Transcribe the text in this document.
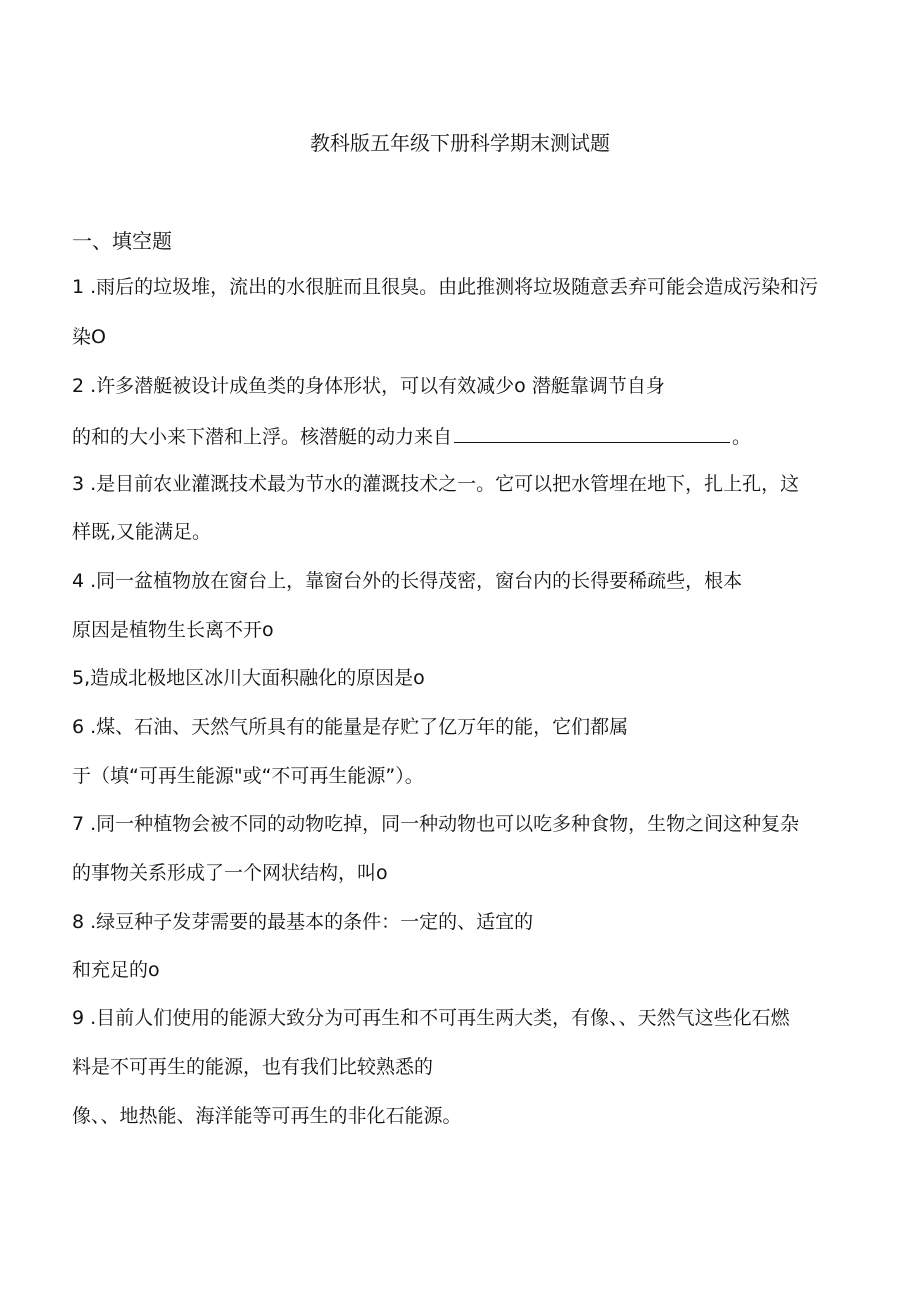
教科版五年级下册科学期末测试题
一、填空题
1 .雨后的垃圾堆，流出的水很脏而且很臭。由此推测将垃圾随意丢弃可能会造成污染和污
染O
2 .许多潜艇被设计成鱼类的身体形状，可以有效减少o 潜艇靠调节自身
的和的大小来下潜和上浮。核潜艇的动力来自	。
3 .是目前农业灌溉技术最为节水的灌溉技术之一。它可以把水管埋在地下，扎上孔，这
样既,又能满足。
4 .同一盆植物放在窗台上，靠窗台外的长得茂密，窗台内的长得要稀疏些，根本
原因是植物生长离不开o
5,造成北极地区冰川大面积融化的原因是o
6 .煤、石油、天然气所具有的能量是存贮了亿万年的能，它们都属
于（填“可再生能源"或“不可再生能源”）。
7 .同一种植物会被不同的动物吃掉，同一种动物也可以吃多种食物，生物之间这种复杂
的事物关系形成了一个网状结构，叫o
8 .绿豆种子发芽需要的最基本的条件：一定的、适宜的
和充足的o
9 .目前人们使用的能源大致分为可再生和不可再生两大类，有像、、天然气这些化石燃
料是不可再生的能源，也有我们比较熟悉的
像、、地热能、海洋能等可再生的非化石能源。
